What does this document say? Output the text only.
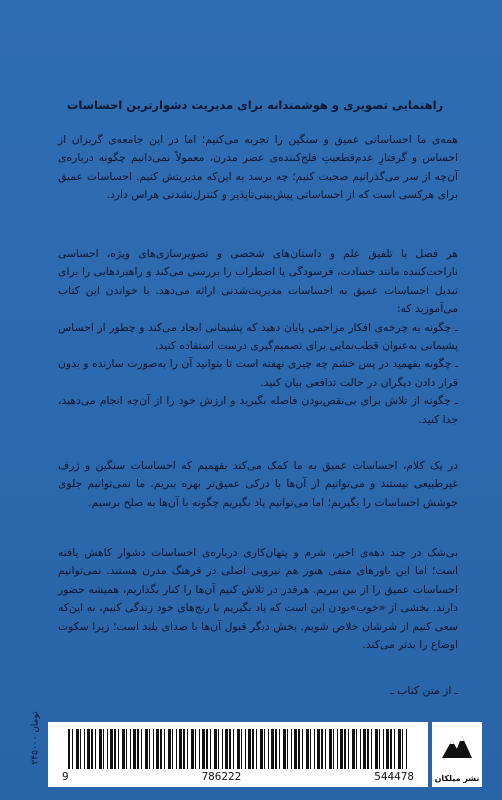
راهنمایی تصویری و هوشمندانه برای مدیریت دشوارترین احساسات
همه‌ی ما احساساتی عمیق و سنگین را تجربه می‌کنیم؛ اما در این جامعه‌ی گریزان از احساس و گرفتارِ عدم‌قطعیتِ فلج‌کننده‌ی عصر مدرن، معمولاً نمی‌دانیم چگونه درباره‌ی آن‌چه از سر می‌گذرانیم صحبت کنیم؛ چه برسد به این‌که مدیریتش کنیم. احساسات عمیق برای هرکسی است که از احساساتی پیش‌بینی‌ناپذیر و کنترل‌نشدنی هراس دارد.
هر فصل با تلفیق علم و داستان‌های شخصی و تصویرسازی‌های ویژه، احساسی ناراحت‌کننده مانند حسادت، فرسودگی یا اضطراب را بررسی می‌کند و راهبردهایی را برای تبدیل احساسات عمیق به احساسات مدیریت‌شدنی ارائه می‌دهد. با خواندن این کتاب می‌آموزید که:
ـ چگونه به چرخه‌ی افکار مزاحمی پایان دهید که پشیمانی ایجاد می‌کند و چطور از احساس پشیمانی به‌عنوان قطب‌نمایی برای تصمیم‌گیری درست استفاده کنید.
ـ چگونه بفهمید در پس خشم چه چیزی نهفته است تا بتوانید آن را به‌صورت سازنده و بدون قرار دادن دیگران در حالت تدافعی بیان کنید.
ـ چگونه از تلاش برای بی‌نقص‌بودن فاصله بگیرید و ارزش خود را از آن‌چه انجام می‌دهید، جدا کنید.
در یک کلام، احساسات عمیق به ما کمک می‌کند بفهمیم که احساسات سنگین و ژرف غیرطبیعی نیستند و می‌توانیم از آن‌ها با درکی عمیق‌تر بهره ببریم. ما نمی‌توانیم جلوی جوشش احساسات را بگیریم؛ اما می‌توانیم یاد بگیریم چگونه با آن‌ها به صلح برسیم.
بی‌شک در چند دهه‌ی اخیر، شرم و پنهان‌کاری درباره‌ی احساسات دشوار کاهش یافته است؛ اما این باورهای منفی هنوز هم نیرویی اصلی در فرهنگ مدرن هستند. نمی‌توانیم احساسات عمیق را از بین ببریم. هرقدر در تلاش کنیم آن‌ها را کنار بگذاریم، همیشه حضور دارند. بخشی از «خوب»بودن این است که یاد بگیریم با رنج‌های خود زندگی کنیم، نه این‌که سعی کنیم از شرشان خلاص شویم. بخش دیگر قبول آن‌ها با صدای بلند است؛ زیرا سکوت اوضاع را بدتر می‌کند.
ـ از متن کتاب ـ
۲۴۵۰۰۰ تومان
9	786222	544478	نشر میلکان
